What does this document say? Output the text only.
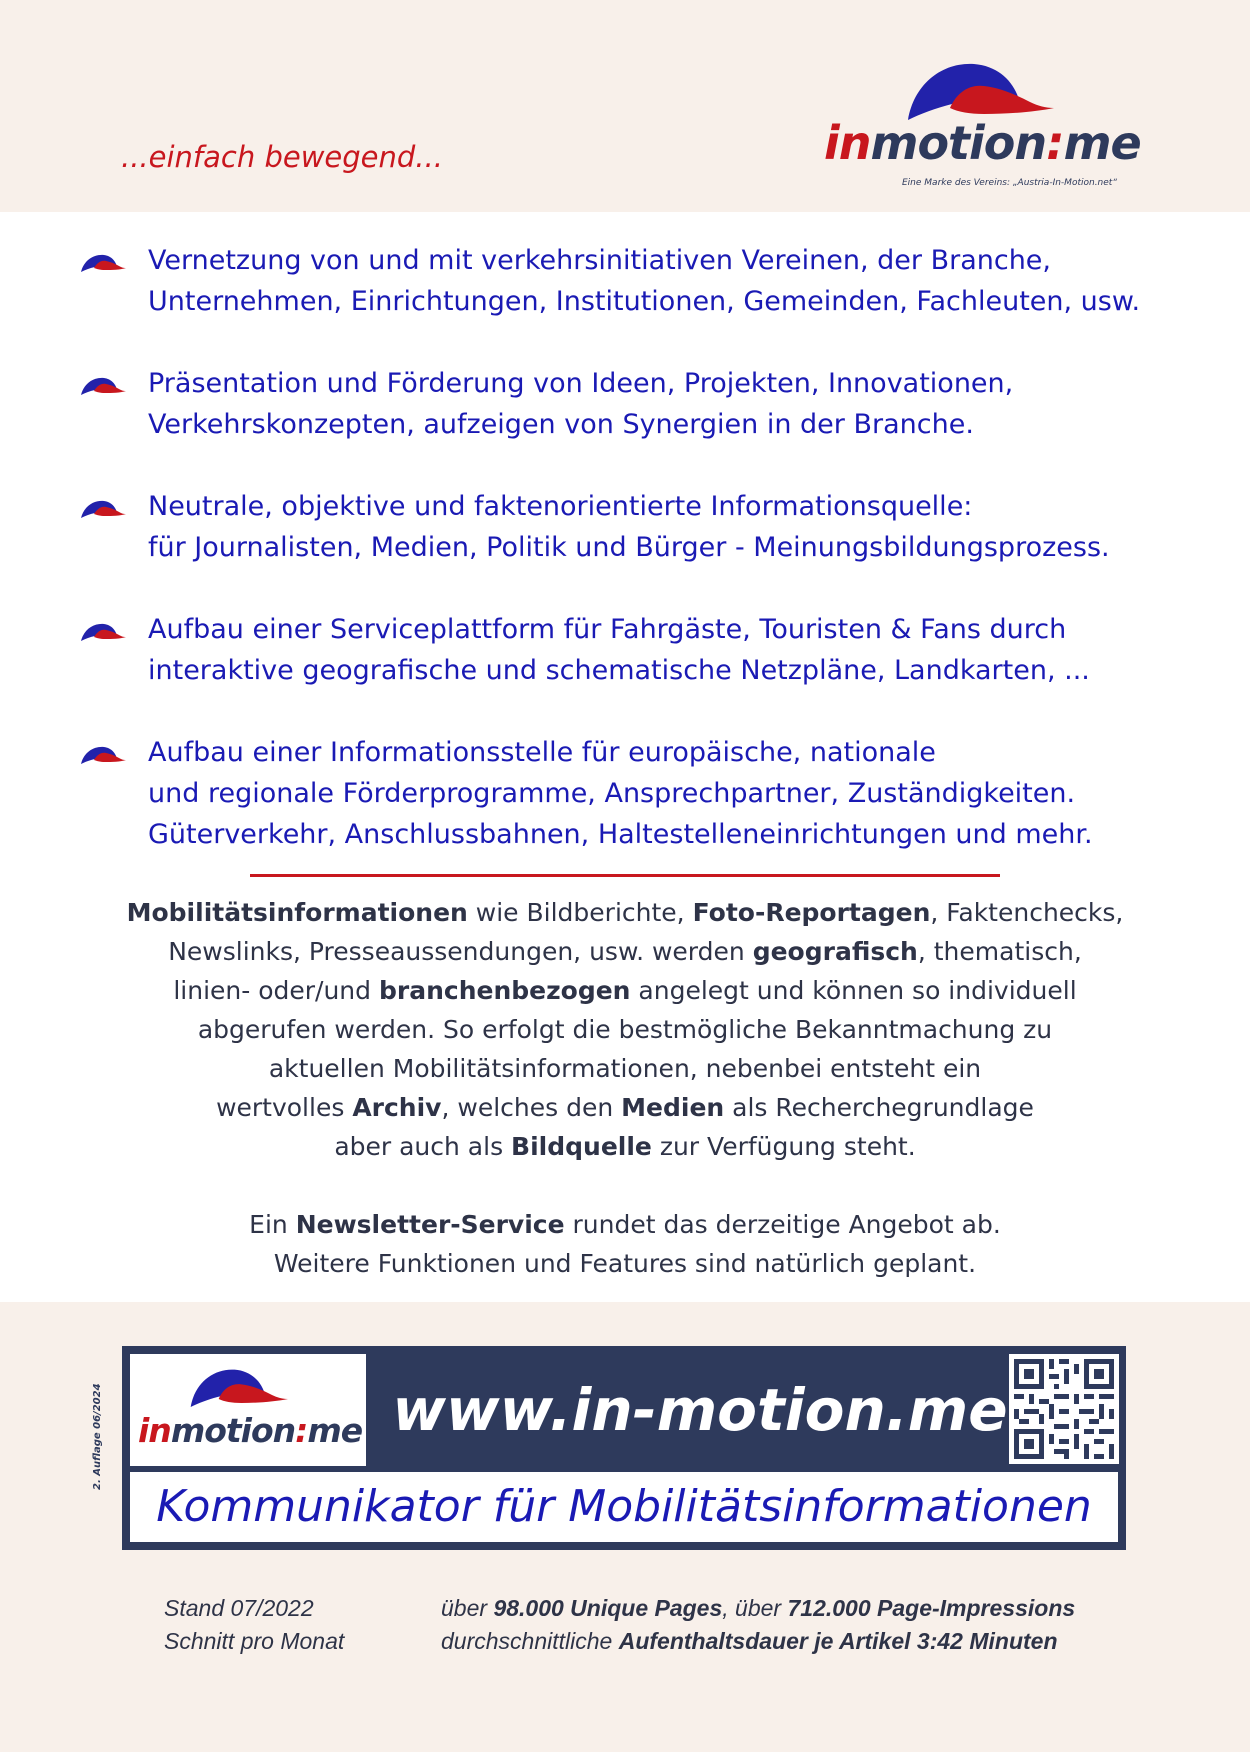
...einfach bewegend...	inmotion:me
Eine Marke des Vereins: „Austria-In-Motion.net“
Vernetzung von und mit verkehrsinitiativen Vereinen, der Branche,
Unternehmen, Einrichtungen, Institutionen, Gemeinden, Fachleuten, usw.
Präsentation und Förderung von Ideen, Projekten, Innovationen,
Verkehrskonzepten, aufzeigen von Synergien in der Branche.
Neutrale, objektive und faktenorientierte Informationsquelle:
für Journalisten, Medien, Politik und Bürger - Meinungsbildungsprozess.
Aufbau einer Serviceplattform für Fahrgäste, Touristen & Fans durch
interaktive geografische und schematische Netzpläne, Landkarten, ...
Aufbau einer Informationsstelle für europäische, nationale
und regionale Förderprogramme, Ansprechpartner, Zuständigkeiten.
Güterverkehr, Anschlussbahnen, Haltestelleneinrichtungen und mehr.
Mobilitätsinformationen wie Bildberichte, Foto-Reportagen, Faktenchecks,
Newslinks, Presseaussendungen, usw. werden geografisch, thematisch,
linien- oder/und branchenbezogen angelegt und können so individuell
abgerufen werden. So erfolgt die bestmögliche Bekanntmachung zu
aktuellen Mobilitätsinformationen, nebenbei entsteht ein
wertvolles Archiv, welches den Medien als Recherchegrundlage
aber auch als Bildquelle zur Verfügung steht.
Ein Newsletter-Service rundet das derzeitige Angebot ab.
Weitere Funktionen und Features sind natürlich geplant.
2. Auflage 06/2024 inmotion:me www.in-motion.me
Kommunikator für Mobilitätsinformationen
Stand 07/2022
Schnitt pro Monat
über 98.000 Unique Pages, über 712.000 Page-Impressions
durchschnittliche Aufenthaltsdauer je Artikel 3:42 Minuten
